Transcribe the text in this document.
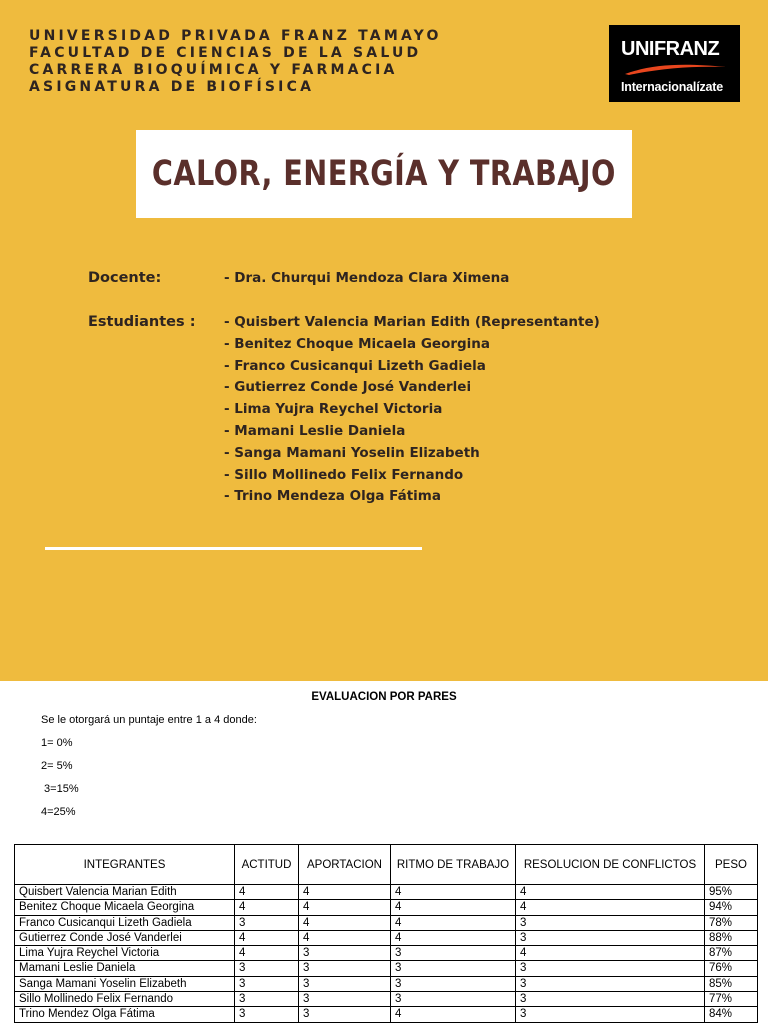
UNIVERSIDAD PRIVADA FRANZ TAMAYO
FACULTAD DE CIENCIAS DE LA SALUD
CARRERA BIOQUÍMICA Y FARMACIA
ASIGNATURA DE BIOFÍSICA
UNIFRANZ
Internacionalízate
CALOR, ENERGÍA Y TRABAJO
Docente:	- Dra. Churqui Mendoza Clara Ximena
Estudiantes : - Quisbert Valencia Marian Edith (Representante)
- Benitez Choque Micaela Georgina
- Franco Cusicanqui Lizeth Gadiela
- Gutierrez Conde José Vanderlei
- Lima Yujra Reychel Victoria
- Mamani Leslie Daniela
- Sanga Mamani Yoselin Elizabeth
- Sillo Mollinedo Felix Fernando
- Trino Mendeza Olga Fátima
EVALUACION POR PARES
Se le otorgará un puntaje entre 1 a 4 donde:
1= 0%
2= 5%
3=15%
4=25%
INTEGRANTES	ACTITUD	APORTACION	RITMO DE TRABAJO	RESOLUCION DE CONFLICTOS	PESO
Quisbert Valencia Marian Edith	4	4	4	4	95%
Benitez Choque Micaela Georgina	4	4	4	4	94%
Franco Cusicanqui Lizeth Gadiela	3	4	4	3	78%
Gutierrez Conde José Vanderlei	4	4	4	3	88%
Lima Yujra Reychel Victoria	4	3	3	4	87%
Mamani Leslie Daniela	3	3	3	3	76%
Sanga Mamani Yoselin Elizabeth	3	3	3	3	85%
Sillo Mollinedo Felix Fernando	3	3	3	3	77%
Trino Mendez Olga Fátima	3	3	4	3	84%
